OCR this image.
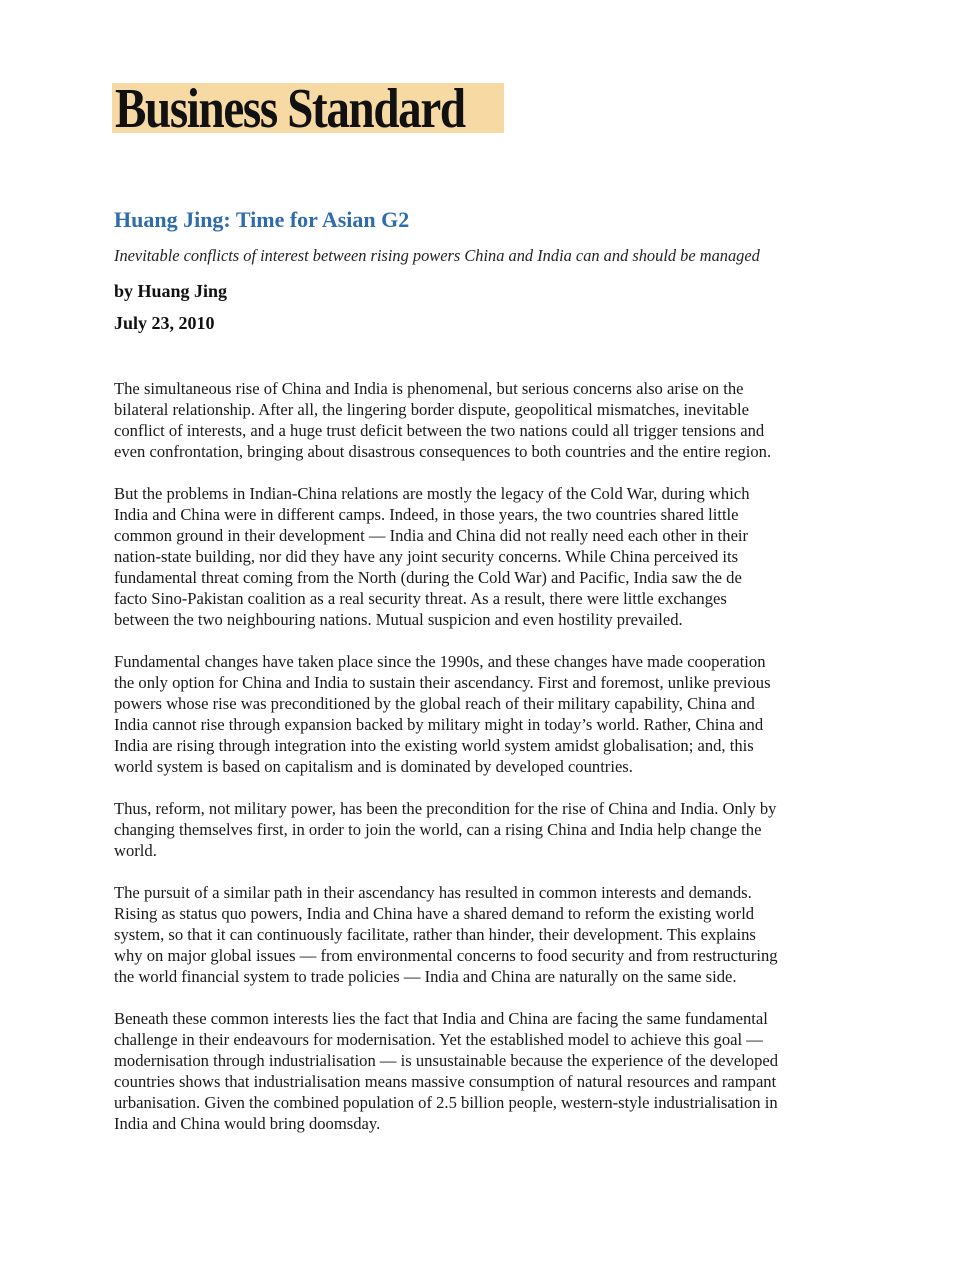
Business Standard
Huang Jing: Time for Asian G2
Inevitable conflicts of interest between rising powers China and India can and should be managed
by Huang Jing
July 23, 2010
The simultaneous rise of China and India is phenomenal, but serious concerns also arise on the
bilateral relationship. After all, the lingering border dispute, geopolitical mismatches, inevitable
conflict of interests, and a huge trust deficit between the two nations could all trigger tensions and
even confrontation, bringing about disastrous consequences to both countries and the entire region.
But the problems in Indian-China relations are mostly the legacy of the Cold War, during which
India and China were in different camps. Indeed, in those years, the two countries shared little
common ground in their development — India and China did not really need each other in their
nation-state building, nor did they have any joint security concerns. While China perceived its
fundamental threat coming from the North (during the Cold War) and Pacific, India saw the de
facto Sino-Pakistan coalition as a real security threat. As a result, there were little exchanges
between the two neighbouring nations. Mutual suspicion and even hostility prevailed.
Fundamental changes have taken place since the 1990s, and these changes have made cooperation
the only option for China and India to sustain their ascendancy. First and foremost, unlike previous
powers whose rise was preconditioned by the global reach of their military capability, China and
India cannot rise through expansion backed by military might in today’s world. Rather, China and
India are rising through integration into the existing world system amidst globalisation; and, this
world system is based on capitalism and is dominated by developed countries.
Thus, reform, not military power, has been the precondition for the rise of China and India. Only by
changing themselves first, in order to join the world, can a rising China and India help change the
world.
The pursuit of a similar path in their ascendancy has resulted in common interests and demands.
Rising as status quo powers, India and China have a shared demand to reform the existing world
system, so that it can continuously facilitate, rather than hinder, their development. This explains
why on major global issues — from environmental concerns to food security and from restructuring
the world financial system to trade policies — India and China are naturally on the same side.
Beneath these common interests lies the fact that India and China are facing the same fundamental
challenge in their endeavours for modernisation. Yet the established model to achieve this goal —
modernisation through industrialisation — is unsustainable because the experience of the developed
countries shows that industrialisation means massive consumption of natural resources and rampant
urbanisation. Given the combined population of 2.5 billion people, western-style industrialisation in
India and China would bring doomsday.
